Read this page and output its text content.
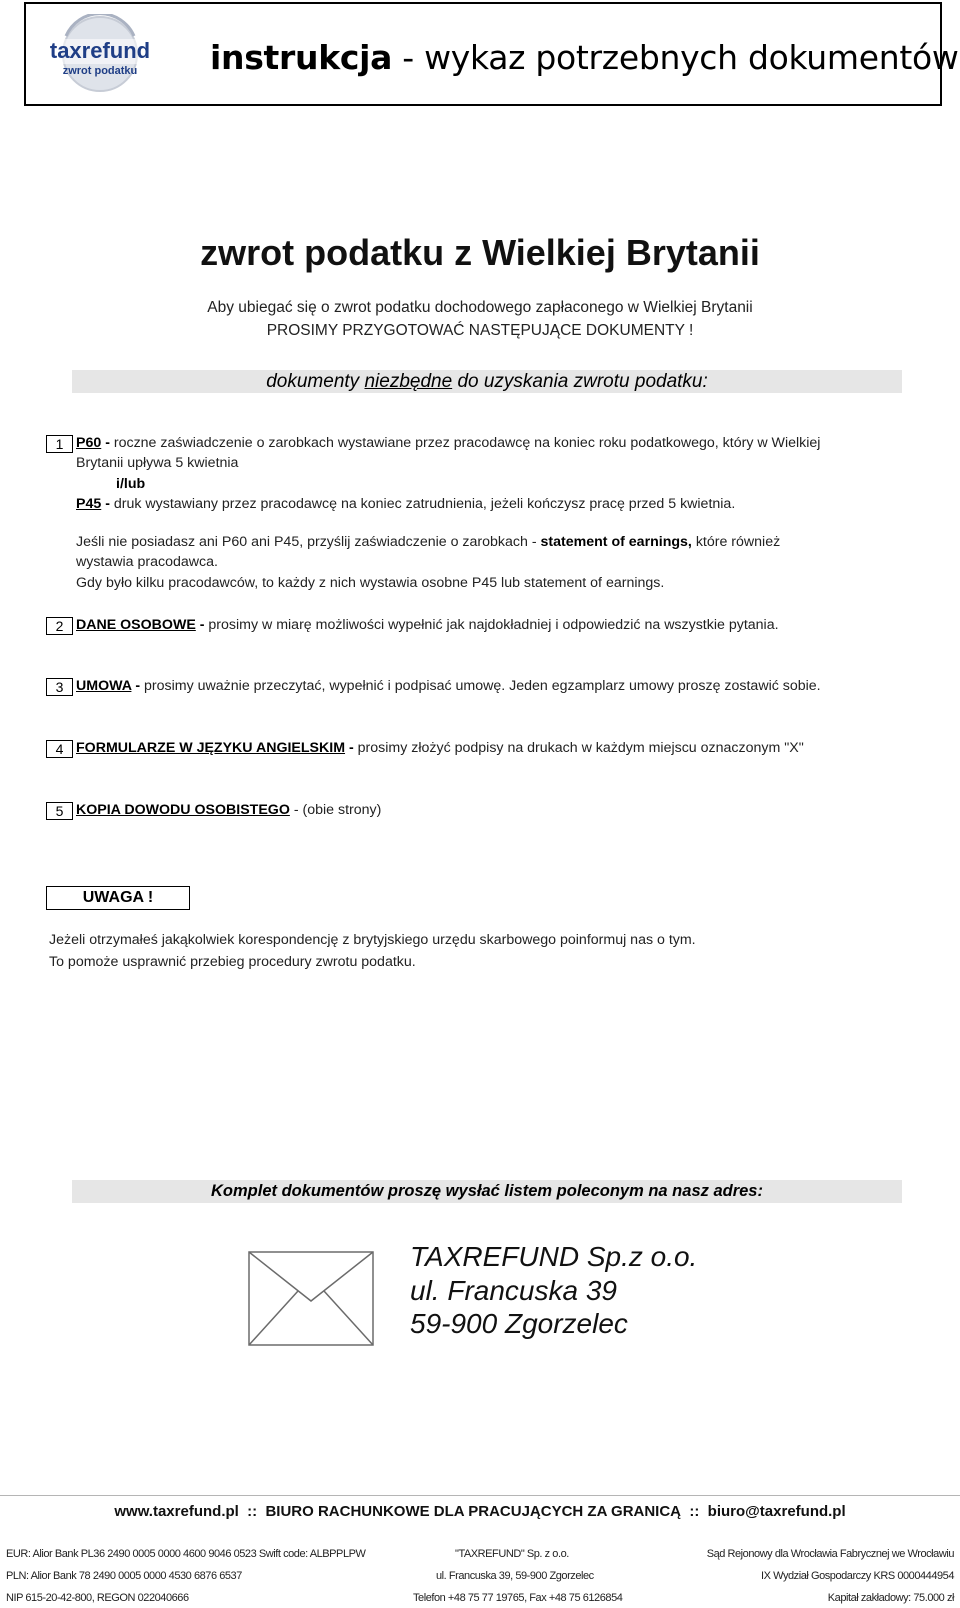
taxrefund
zwrot podatku instrukcja - wykaz potrzebnych dokumentów
zwrot podatku z Wielkiej Brytanii
Aby ubiegać się o zwrot podatku dochodowego zapłaconego w Wielkiej Brytanii
PROSIMY PRZYGOTOWAĆ NASTĘPUJĄCE DOKUMENTY !
dokumenty niezbędne do uzyskania zwrotu podatku:
1 P60 - roczne zaświadczenie o zarobkach wystawiane przez pracodawcę na koniec roku podatkowego, który w Wielkiej
Brytanii upływa 5 kwietnia
i/lub
P45 - druk wystawiany przez pracodawcę na koniec zatrudnienia, jeżeli kończysz pracę przed 5 kwietnia.
Jeśli nie posiadasz ani P60 ani P45, przyślij zaświadczenie o zarobkach - statement of earnings, które również
wystawia pracodawca.
Gdy było kilku pracodawców, to każdy z nich wystawia osobne P45 lub statement of earnings.
2 DANE OSOBOWE - prosimy w miarę możliwości wypełnić jak najdokładniej i odpowiedzić na wszystkie pytania.
3 UMOWA - prosimy uważnie przeczytać, wypełnić i podpisać umowę. Jeden egzamplarz umowy proszę zostawić sobie.
4 FORMULARZE W JĘZYKU ANGIELSKIM - prosimy złożyć podpisy na drukach w każdym miejscu oznaczonym "X"
5 KOPIA DOWODU OSOBISTEGO - (obie strony)
UWAGA !
Jeżeli otrzymałeś jakąkolwiek korespondencję z brytyjskiego urzędu skarbowego poinformuj nas o tym.
To pomoże usprawnić przebieg procedury zwrotu podatku.
Komplet dokumentów proszę wysłać listem poleconym na nasz adres:
TAXREFUND Sp.z o.o.
ul. Francuska 39
59-900 Zgorzelec
www.taxrefund.pl  ::  BIURO RACHUNKOWE DLA PRACUJĄCYCH ZA GRANICĄ  ::  biuro@taxrefund.pl
EUR: Alior Bank PL36 2490 0005 0000 4600 9046 0523 Swift code: ALBPPLPW
PLN: Alior Bank 78 2490 0005 0000 4530 6876 6537
NIP 615-20-42-800, REGON 022040666
"TAXREFUND" Sp. z o.o.
ul. Francuska 39, 59-900 Zgorzelec
Telefon +48 75 77 19765, Fax +48 75 6126854
Sąd Rejonowy dla Wrocławia Fabrycznej we Wrocławiu
IX Wydział Gospodarczy KRS 0000444954
Kapitał zakładowy: 75.000 zł
